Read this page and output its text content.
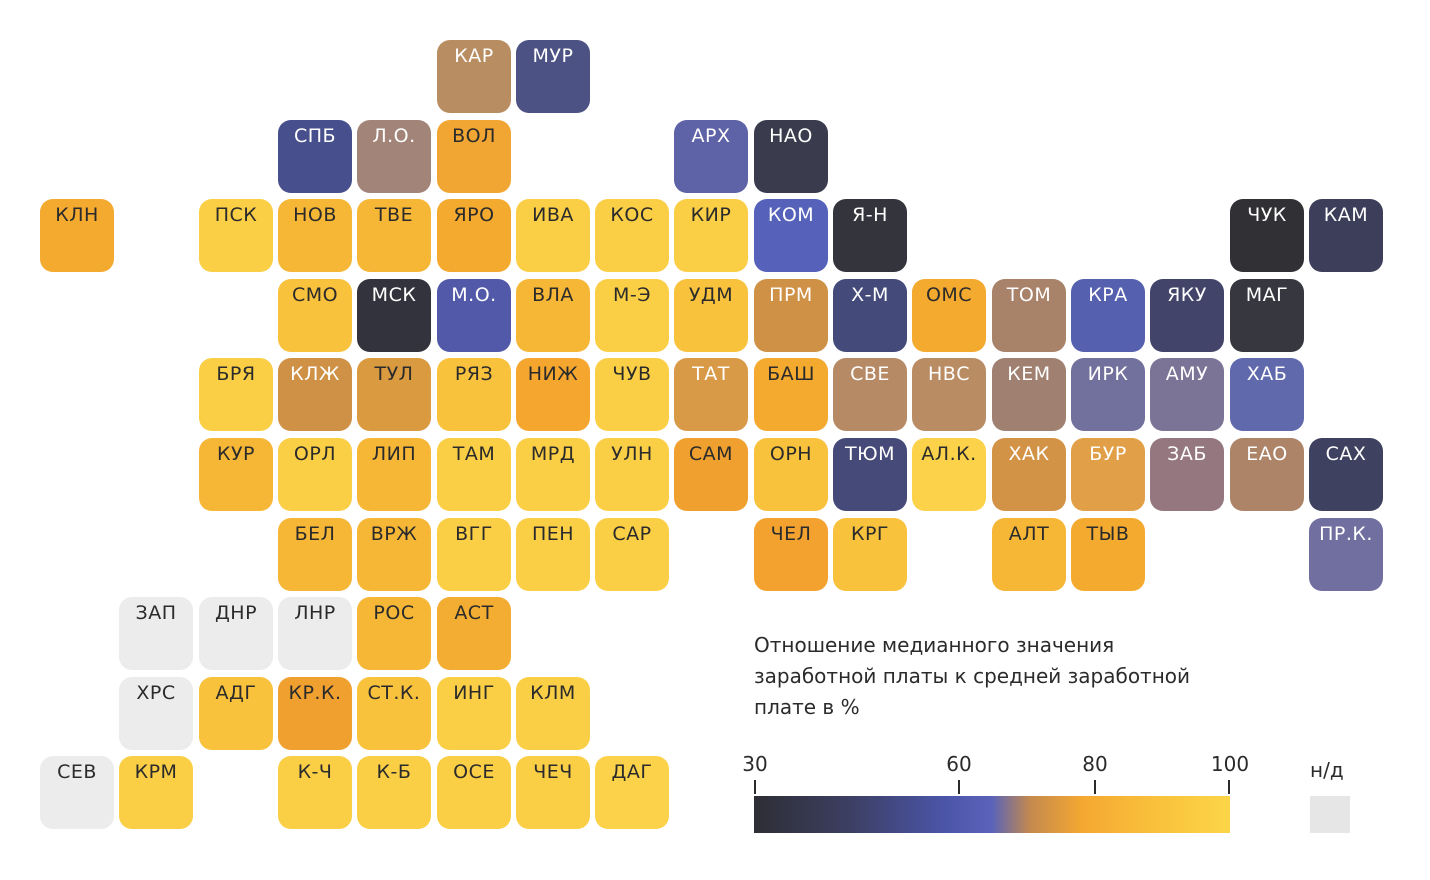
КАР	МУР
СПБ	Л.О.	ВОЛ	АРХ	НАО
КЛН	ПСК	НОВ	ТВЕ	ЯРО	ИВА	КОС	КИР	КОМ	Я-Н	ЧУК	КАМ
СМО	МСК	М.О.	ВЛА	М-Э	УДМ	ПРМ	Х-М	ОМС	ТОМ	КРА	ЯКУ	МАГ
БРЯ	КЛЖ	ТУЛ	РЯЗ	НИЖ	ЧУВ	ТАТ	БАШ	СВЕ	НВС	КЕМ	ИРК	АМУ	ХАБ
КУР	ОРЛ	ЛИП	ТАМ	МРД	УЛН	САМ	ОРН	ТЮМ	АЛ.К.	ХАК	БУР	ЗАБ	ЕАО	САХ
БЕЛ	ВРЖ	ВГГ	ПЕН	САР	ЧЕЛ	КРГ	АЛТ	ТЫВ	ПР.К.
ЗАП	ДНР	ЛНР	РОС	АСТ
ХРС	АДГ	КР.К.	СТ.К.	ИНГ	КЛМ
СЕВ	КРМ	К-Ч	К-Б	ОСЕ	ЧЕЧ	ДАГ
Отношение медианного значения заработной платы к средней заработной плате в %
30	60	80	100	н/д
